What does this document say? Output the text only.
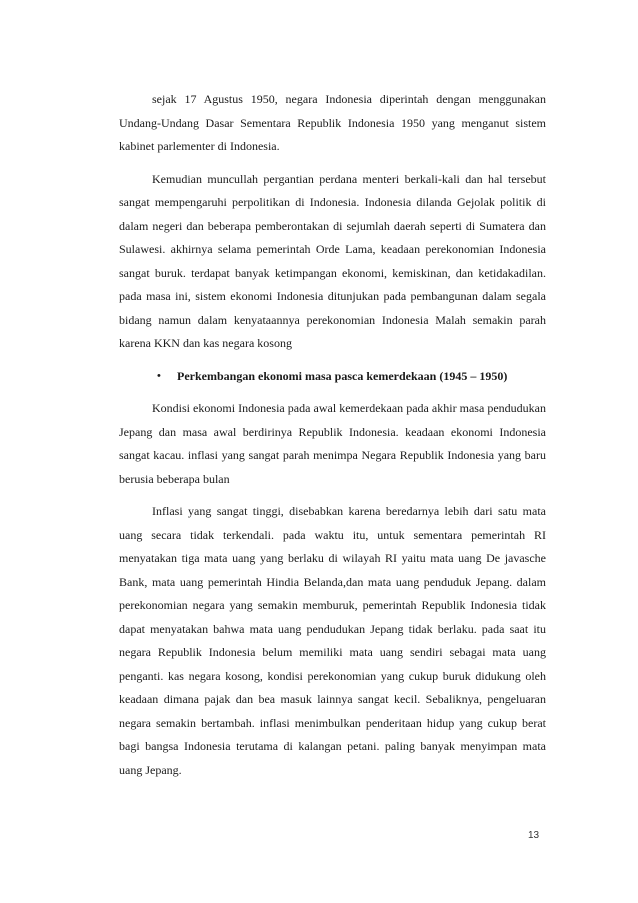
sejak 17 Agustus 1950, negara Indonesia diperintah dengan menggunakan Undang-Undang Dasar Sementara Republik Indonesia 1950 yang menganut sistem kabinet parlementer di Indonesia.

Kemudian muncullah pergantian perdana menteri berkali-kali dan hal tersebut sangat mempengaruhi perpolitikan di Indonesia. Indonesia dilanda Gejolak politik di dalam negeri dan beberapa pemberontakan di sejumlah daerah seperti di Sumatera dan Sulawesi. akhirnya selama pemerintah Orde Lama, keadaan perekonomian Indonesia sangat buruk. terdapat banyak ketimpangan ekonomi, kemiskinan, dan ketidakadilan. pada masa ini, sistem ekonomi Indonesia ditunjukan pada pembangunan dalam segala bidang namun dalam kenyataannya perekonomian Indonesia Malah semakin parah karena KKN dan kas negara kosong

• Perkembangan ekonomi masa pasca kemerdekaan (1945 – 1950)

Kondisi ekonomi Indonesia pada awal kemerdekaan pada akhir masa pendudukan Jepang dan masa awal berdirinya Republik Indonesia. keadaan ekonomi Indonesia sangat kacau. inflasi yang sangat parah menimpa Negara Republik Indonesia yang baru berusia beberapa bulan

Inflasi yang sangat tinggi, disebabkan karena beredarnya lebih dari satu mata uang secara tidak terkendali. pada waktu itu, untuk sementara pemerintah RI menyatakan tiga mata uang yang berlaku di wilayah RI yaitu mata uang De javasche Bank, mata uang pemerintah Hindia Belanda,dan mata uang penduduk Jepang. dalam perekonomian negara yang semakin memburuk, pemerintah Republik Indonesia tidak dapat menyatakan bahwa mata uang pendudukan Jepang tidak berlaku. pada saat itu negara Republik Indonesia belum memiliki mata uang sendiri sebagai mata uang penganti. kas negara kosong, kondisi perekonomian yang cukup buruk didukung oleh keadaan dimana pajak dan bea masuk lainnya sangat kecil. Sebaliknya, pengeluaran negara semakin bertambah. inflasi menimbulkan penderitaan hidup yang cukup berat bagi bangsa Indonesia terutama di kalangan petani. paling banyak menyimpan mata uang Jepang.

13
